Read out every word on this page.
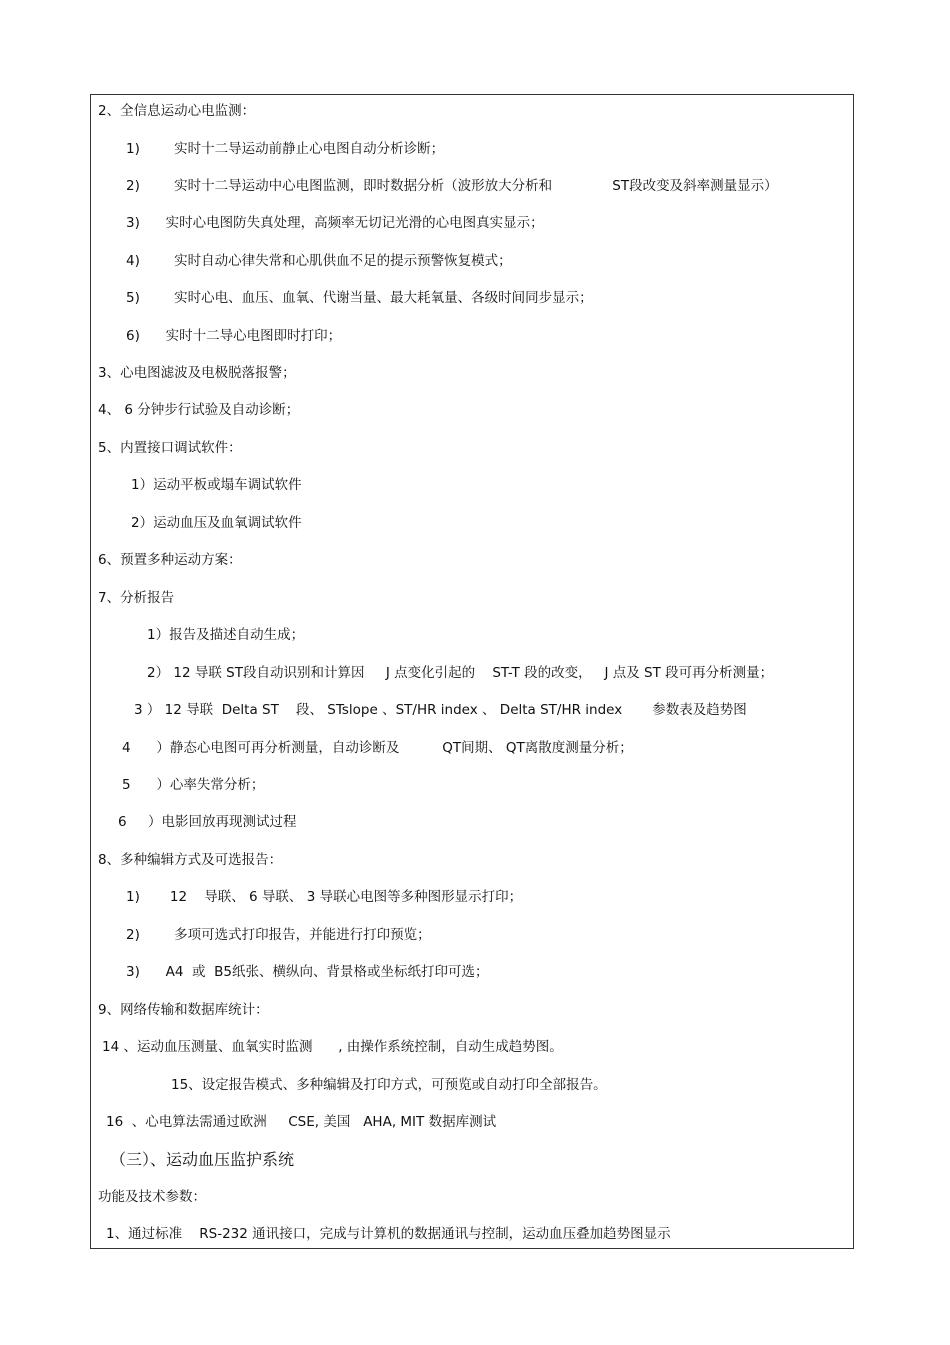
2、全信息运动心电监测：
1)        实时十二导运动前静止心电图自动分析诊断；
2)        实时十二导运动中心电图监测，即时数据分析（波形放大分析和              ST段改变及斜率测量显示）
3)      实时心电图防失真处理，高频率无切记光滑的心电图真实显示；
4)        实时自动心律失常和心肌供血不足的提示预警恢复模式；
5)        实时心电、血压、血氧、代谢当量、最大耗氧量、各级时间同步显示；
6)      实时十二导心电图即时打印；
3、心电图滤波及电极脱落报警；
4、 6 分钟步行试验及自动诊断；
5、内置接口调试软件：
1）运动平板或塌车调试软件
2）运动血压及血氧调试软件
6、预置多种运动方案：
7、分析报告
1）报告及描述自动生成；
2） 12 导联 ST段自动识别和计算因     J 点变化引起的    ST-T 段的改变，   J 点及 ST 段可再分析测量；
3 ） 12 导联  Delta ST    段、 STslope 、ST/HR index 、 Delta ST/HR index       参数表及趋势图
4      ）静态心电图可再分析测量，自动诊断及          QT间期、 QT离散度测量分析；
5      ）心率失常分析；
6     ）电影回放再现测试过程
8、多种编辑方式及可选报告：
1)       12    导联、 6 导联、 3 导联心电图等多种图形显示打印；
2)        多项可选式打印报告，并能进行打印预览；
3)      A4  或  B5纸张、横纵向、背景格或坐标纸打印可选；
9、网络传输和数据库统计：
14 、运动血压测量、血氧实时监测      , 由操作系统控制，自动生成趋势图。
15、设定报告模式、多种编辑及打印方式，可预览或自动打印全部报告。
16  、心电算法需通过欧洲     CSE, 美国   AHA, MIT 数据库测试
（三）、运动血压监护系统
功能及技术参数：
1、通过标准    RS-232 通讯接口，完成与计算机的数据通讯与控制，运动血压叠加趋势图显示
